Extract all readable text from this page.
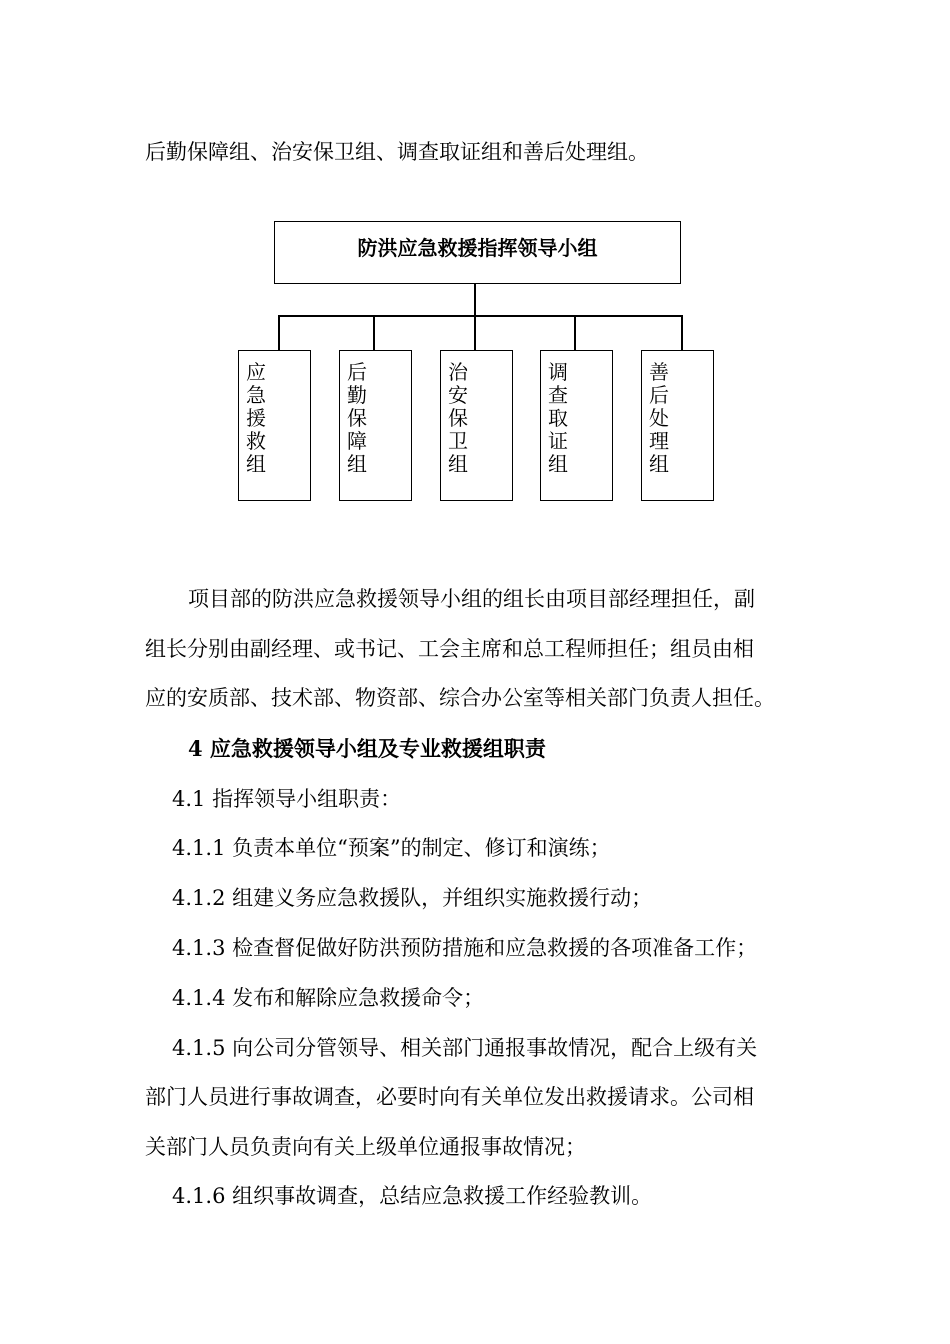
后勤保障组、治安保卫组、调查取证组和善后处理组。

防洪应急救援指挥领导小组
应急援救组
后勤保障组
治安保卫组
调查取证组
善后处理组

项目部的防洪应急救援领导小组的组长由项目部经理担任，副

组长分别由副经理、或书记、工会主席和总工程师担任；组员由相

应的安质部、技术部、物资部、综合办公室等相关部门负责人担任。

4 应急救援领导小组及专业救援组职责

4.1 指挥领导小组职责：

4.1.1 负责本单位“预案”的制定、修订和演练；

4.1.2 组建义务应急救援队，并组织实施救援行动；

4.1.3 检查督促做好防洪预防措施和应急救援的各项准备工作；

4.1.4 发布和解除应急救援命令；

4.1.5 向公司分管领导、相关部门通报事故情况，配合上级有关

部门人员进行事故调查，必要时向有关单位发出救援请求。公司相

关部门人员负责向有关上级单位通报事故情况；

4.1.6 组织事故调查，总结应急救援工作经验教训。
